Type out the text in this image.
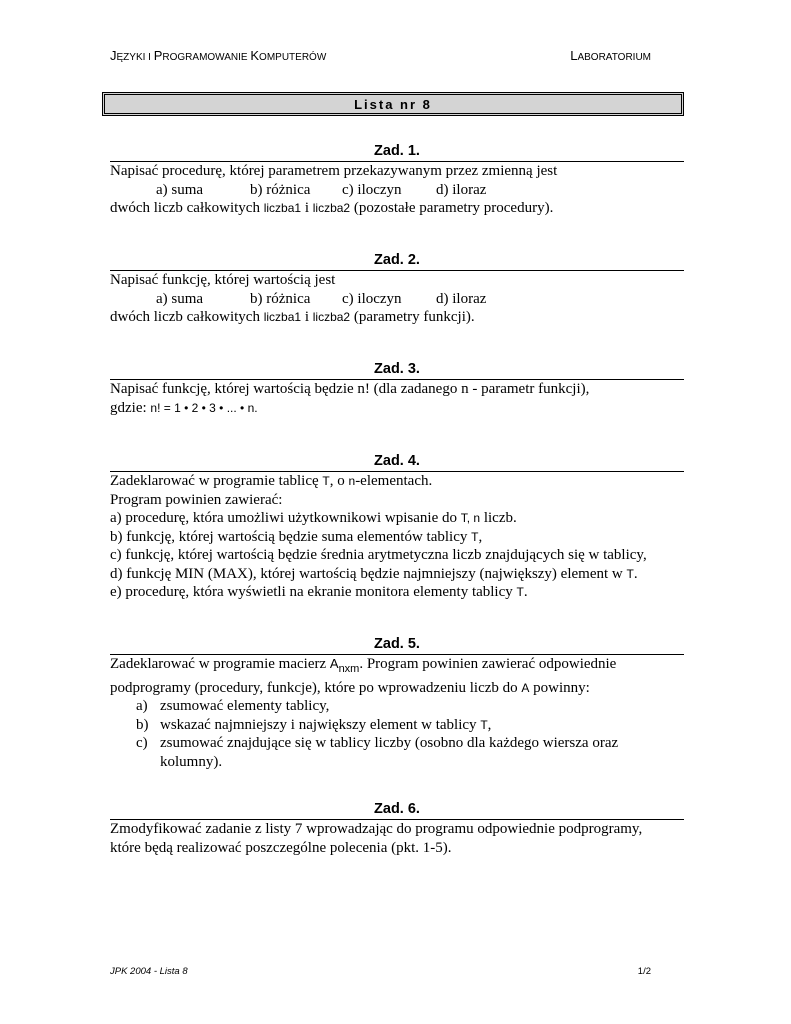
JĘZYKI I PROGRAMOWANIE KOMPUTERÓW	LABORATORIUM
Lista nr 8
Zad. 1.
Napisać procedurę, której parametrem przekazywanym przez zmienną jest
a) suma	b) różnica c) iloczyn d) iloraz
dwóch liczb całkowitych liczba1 i liczba2 (pozostałe parametry procedury).
Zad. 2.
Napisać funkcję, której wartością jest
a) suma	b) różnica c) iloczyn d) iloraz
dwóch liczb całkowitych liczba1 i liczba2 (parametry funkcji).
Zad. 3.
Napisać funkcję, której wartością będzie n! (dla zadanego n - parametr funkcji),
gdzie: n! = 1 • 2 • 3 • ... • n.
Zad. 4.
Zadeklarować w programie tablicę T, o n-elementach.
Program powinien zawierać:
a) procedurę, która umożliwi użytkownikowi wpisanie do T, n liczb.
b) funkcję, której wartością będzie suma elementów tablicy T,
c) funkcję, której wartością będzie średnia arytmetyczna liczb znajdujących się w tablicy,
d) funkcję MIN (MAX), której wartością będzie najmniejszy (największy) element w T.
e) procedurę, która wyświetli na ekranie monitora elementy tablicy T.
Zad. 5.
Zadeklarować w programie macierz $A_{nxm}$. Program powinien zawierać odpowiednie
podprogramy (procedury, funkcje), które po wprowadzeniu liczb do A powinny:
a) zsumować elementy tablicy,
b) wskazać najmniejszy i największy element w tablicy T,
c) zsumować znajdujące się w tablicy liczby (osobno dla każdego wiersza oraz kolumny).
Zad. 6.
Zmodyfikować zadanie z listy 7 wprowadzając do programu odpowiednie podprogramy,
które będą realizować poszczególne polecenia (pkt. 1-5).
JPK 2004 - Lista 8	1/2
